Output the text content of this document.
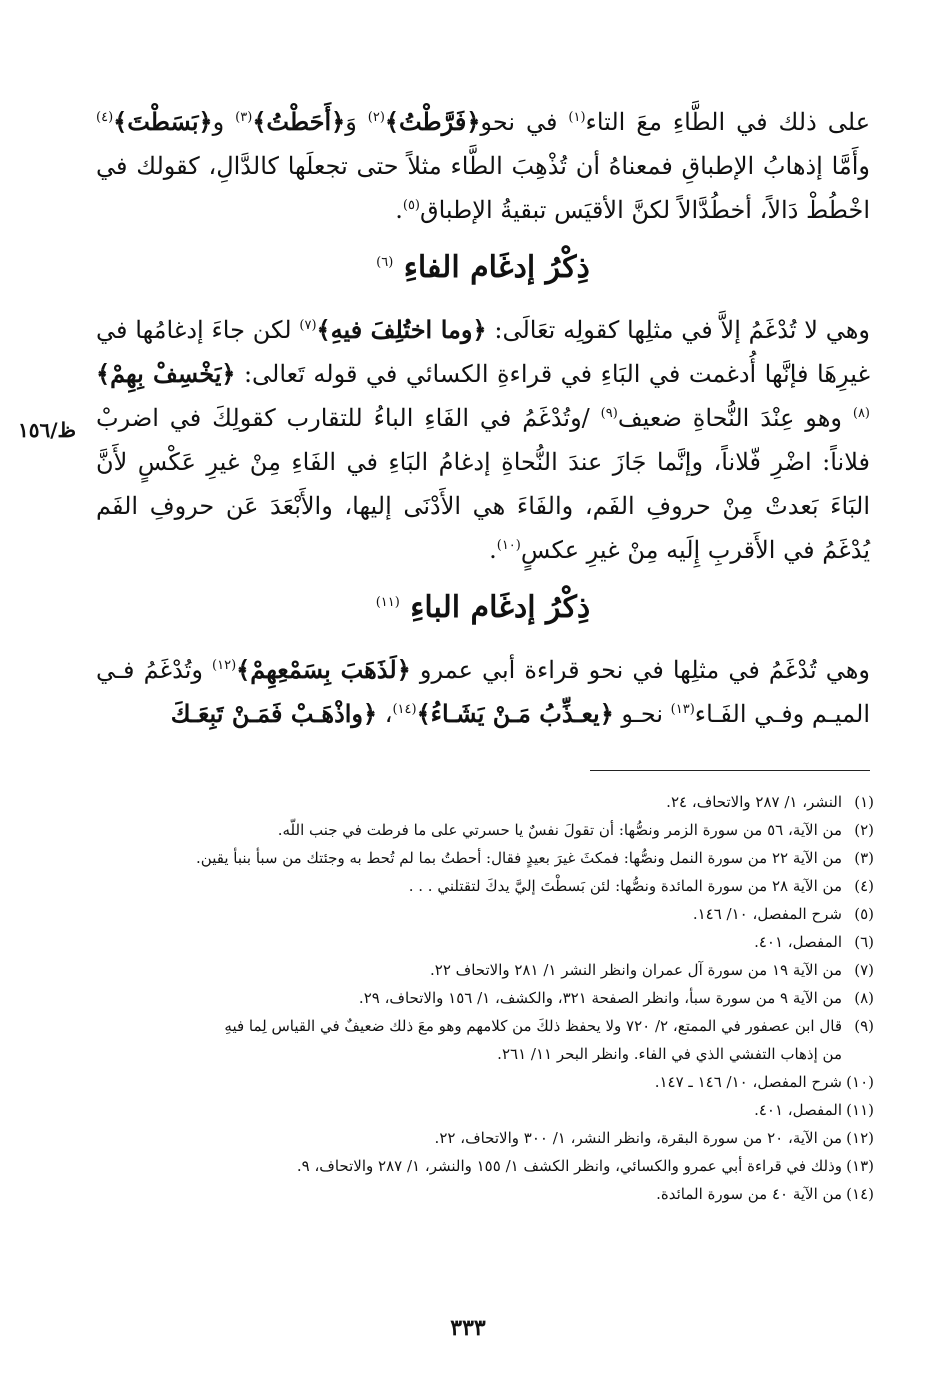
على ذلك في الطَّاءِ معَ التاء$^{(١)}$ في نحو﴿فَرَّطْتُ﴾$^{(٢)}$ وَ﴿أَحَطْتُ﴾$^{(٣)}$ و﴿بَسَطْتَ﴾$^{(٤)}$ وأَمَّا إذهابُ الإطباقِ فمعناهُ أن تُذْهِبَ الطَّاء مثلاً حتى تجعلَها كالدَّالِ، كقولك في اخْطُطْ دَالاً، أخطُدَّالاً لكنَّ الأقيَس تبقيةُ الإطباق$^{(٥)}$.

ذِكْرُ إدغَام الفاءِ $^{(٦)}$

وهي لا تُدْغَمُ إلاَّ في مثلِها كقولِه تعَالَى: ﴿وما اختُلِفَ فيهِ﴾$^{(٧)}$ لكن جاءَ إدغامُها في غيرِهَا فإنَّها أُدغمت في البَاءِ في قراءةِ الكسائي في قوله تَعالى: ﴿يَخْسِفْ بِهِمْ﴾$^{(٨)}$ وهو عِنْدَ النُّحاةِ ضعيف$^{(٩)}$ /وتُدْغَمُ في الفَاءِ الباءُ للتقارب كقولِكَ في اضربْ فلاناً: اضْرِ فّلاناً، وإنَّما جَازَ عندَ النُّحاةِ إدغامُ البَاءِ في الفَاءِ مِنْ غيرِ عَكْسٍ لأَنَّ البَاءَ بَعدتْ مِنْ حروفِ الفَم، والفَاءَ هي الأَدْنَى إليها، والأَبْعَدَ عَن حروفِ الفَم يُدْغَمُ في الأَقربِ إِلَيه مِنْ غيرِ عكسٍ$^{(١٠)}$.

ذِكْرُ إدغَام الباءِ $^{(١١)}$

وهي تُدْغَمُ في مثلِها في نحو قراءة أبي عمرو ﴿لَذَهَبَ بِسَمْعِهِمْ﴾$^{(١٢)}$ وتُدْغَمُ فـي الميـم وفـي الفَـاء$^{(١٣)}$ نحـو ﴿يعـذِّبُ مَـنْ يَشَـاءُ﴾$^{(١٤)}$، ﴿واذْهَـبْ فَمَـنْ تَبِعَـكَ

ظ/١٥٦
(١)النشر، ١/ ٢٨٧ والاتحاف، ٢٤.
(٢)من الآية، ٥٦ من سورة الزمر ونصُّها: أن تقولَ نفسٌ يا حسرتي على ما فرطت في جنب اللّه.
(٣)من الآية ٢٢ من سورة النمل ونصُّها: فمكثَ غيرَ بعيدٍ فقال: أحطتُ بما لم تُحط به وجئتك من سبأ بنبأ يقين.
(٤)من الآية ٢٨ من سورة المائدة ونصُّها: لئن بَسطْتَ إليَّ يدكَ لتقتلني . . .
(٥)شرح المفصل، ١٠/ ١٤٦.
(٦)المفصل، ٤٠١.
(٧)من الآية ١٩ من سورة آل عمران وانظر النشر ١/ ٢٨١ والاتحاف ٢٢.
(٨)من الآية ٩ من سورة سبأ، وانظر الصفحة ٣٢١، والكشف، ١/ ١٥٦ والاتحاف، ٢٩.
(٩)قال ابن عصفور في الممتع، ٢/ ٧٢٠ ولا يحفظ ذلكَ من كلامهم وهو معَ ذلك ضعيفٌ في القياس لِما فيهِ
من إذهاب التفشي الذي في الفاء. وانظر البحر ١١/ ٢٦١.
(١٠)شرح المفصل، ١٠/ ١٤٦ ـ ١٤٧.
(١١)المفصل، ٤٠١.
(١٢)من الآية، ٢٠ من سورة البقرة، وانظر النشر، ١/ ٣٠٠ والاتحاف، ٢٢.
(١٣)وذلك في قراءة أبي عمرو والكسائي، وانظر الكشف ١/ ١٥٥ والنشر، ١/ ٢٨٧ والاتحاف، ٩.
(١٤)من الآية ٤٠ من سورة المائدة.
٣٣٣
